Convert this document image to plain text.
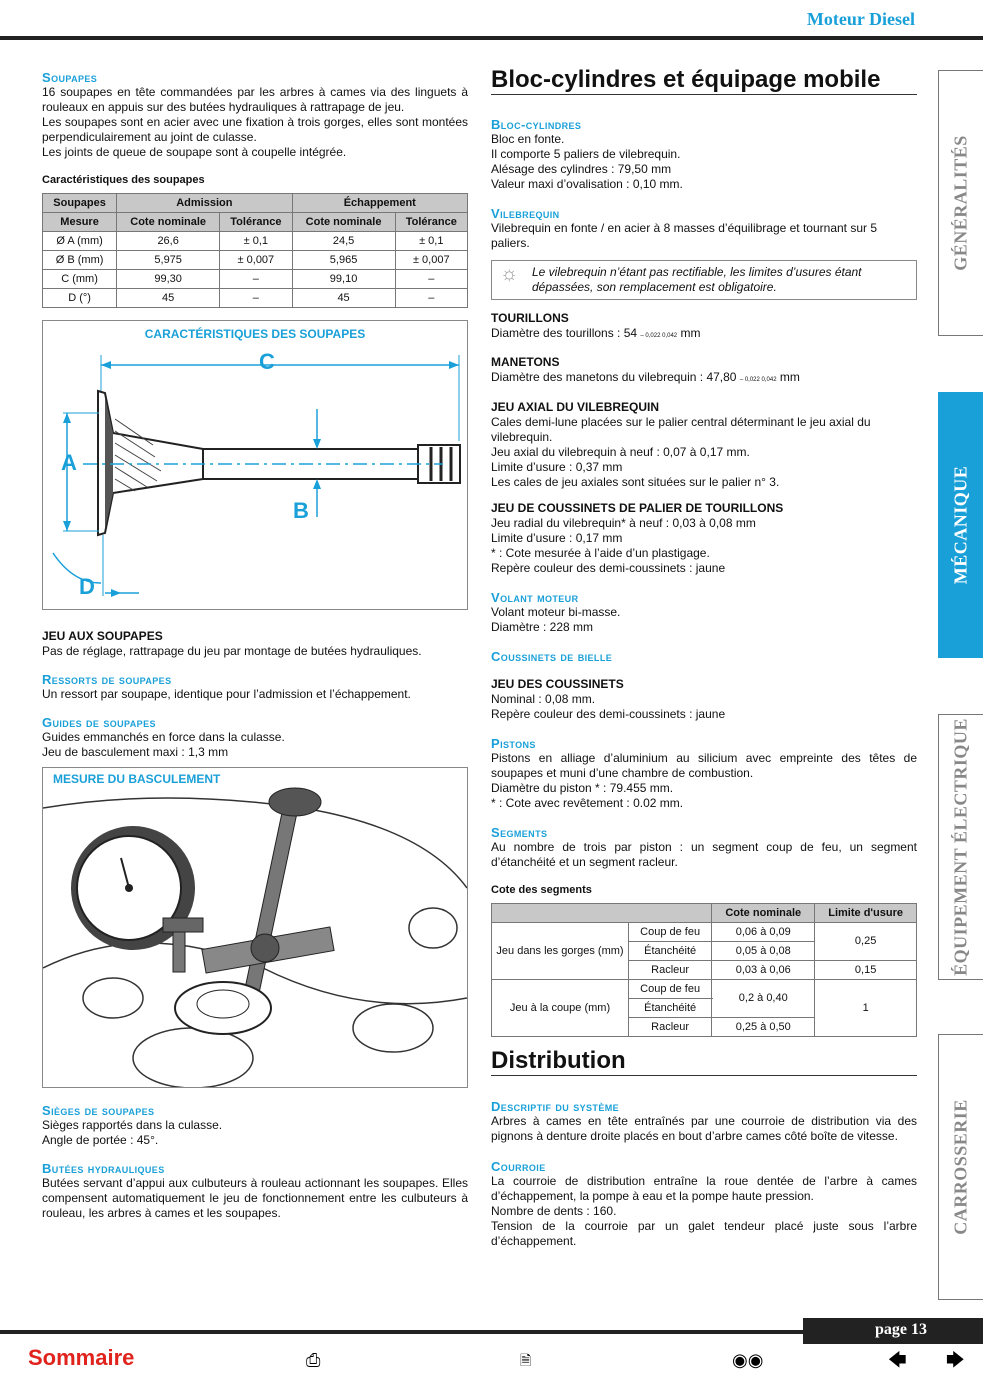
Moteur Diesel
Soupapes
16 soupapes en tête commandées par les arbres à cames via des linguets à rouleaux en appuis sur des butées hydrauliques à rattrapage de jeu.
Les soupapes sont en acier avec une fixation à trois gorges, elles sont montées perpendiculairement au joint de culasse.
Les joints de queue de soupape sont à coupelle intégrée.
Caractéristiques des soupapes
Soupapes	Admission		Échappement	
Mesure	Cote nominale	Tolérance	Cote nominale	Tolérance
Ø A (mm)	26,6	± 0,1	24,5	± 0,1
Ø B (mm)	5,975	± 0,007	5,965	± 0,007
C (mm)	99,30	–	99,10	–
D (°)	45	–	45	–
CARACTÉRISTIQUES DES SOUPAPES
C
B
A
D
JEU AUX SOUPAPES
Pas de réglage, rattrapage du jeu par montage de butées hydrauliques.
Ressorts de soupapes
Un ressort par soupape, identique pour l’admission et l’échappement.
Guides de soupapes
Guides emmanchés en force dans la culasse.
Jeu de basculement maxi : 1,3 mm
MESURE DU BASCULEMENT
Sièges de soupapes
Sièges rapportés dans la culasse.
Angle de portée : 45°.
Butées hydrauliques
Butées servant d’appui aux culbuteurs à rouleau actionnant les soupapes. Elles compensent automatiquement le jeu de fonctionnement entre les culbuteurs à rouleau, les arbres à cames et les soupapes.
Bloc-cylindres et équipage mobile
Bloc-cylindres
Bloc en fonte.
Il comporte 5 paliers de vilebrequin.
Alésage des cylindres : 79,50 mm
Valeur maxi d’ovalisation : 0,10 mm.
Vilebrequin
Vilebrequin en fonte / en acier à 8 masses d’équilibrage et tournant sur 5 paliers.
☼ Le vilebrequin n’étant pas rectifiable, les limites d’usures étant dépassées, son remplacement est obligatoire.
TOURILLONS
Diamètre des tourillons : 54 – 0,022 0,042 mm
MANETONS
Diamètre des manetons du vilebrequin : 47,80 – 0,022 0,042 mm
JEU AXIAL DU VILEBREQUIN
Cales demi-lune placées sur le palier central déterminant le jeu axial du vilebrequin.
Jeu axial du vilebrequin à neuf : 0,07 à 0,17 mm.
Limite d’usure : 0,37 mm
Les cales de jeu axiales sont situées sur le palier n° 3.
JEU DE COUSSINETS DE PALIER DE TOURILLONS
Jeu radial du vilebrequin* à neuf : 0,03 à 0,08 mm
Limite d’usure : 0,17 mm
* : Cote mesurée à l’aide d’un plastigage.
Repère couleur des demi-coussinets : jaune
Volant moteur
Volant moteur bi-masse.
Diamètre : 228 mm
Coussinets de bielle
JEU DES COUSSINETS
Nominal : 0,08 mm.
Repère couleur des demi-coussinets : jaune
Pistons
Pistons en alliage d’aluminium au silicium avec empreinte des têtes de soupapes et muni d’une chambre de combustion.
Diamètre du piston * : 79.455 mm.
* : Cote avec revêtement : 0.02 mm.
Segments
Au nombre de trois par piston : un segment coup de feu, un segment d’étanchéité et un segment racleur.
Cote des segments
		Cote nominale	Limite d'usure
Jeu dans les gorges (mm)	Coup de feu	0,06 à 0,09	0,25
	Étanchéité	0,05 à 0,08	
	Racleur	0,03 à 0,06	0,15
Jeu à la coupe (mm)	Coup de feu	0,2 à 0,40	1
	Étanchéité		
	Racleur	0,25 à 0,50	
Distribution
Descriptif du système
Arbres à cames en tête entraînés par une courroie de distribution via des pignons à denture droite placés en bout d’arbre cames côté boîte de vitesse.
Courroie
La courroie de distribution entraîne la roue dentée de l’arbre à cames d’échappement, la pompe à eau et la pompe haute pression.
Nombre de dents : 160.
Tension de la courroie par un galet tendeur placé juste sous l’arbre d’échappement.
GÉNÉRALITÉS
MÉCANIQUE
ÉQUIPEMENT ÉLECTRIQUE
CARROSSERIE
page 13
Sommaire	⎙	🗎	◉◉	🡄 🡆
